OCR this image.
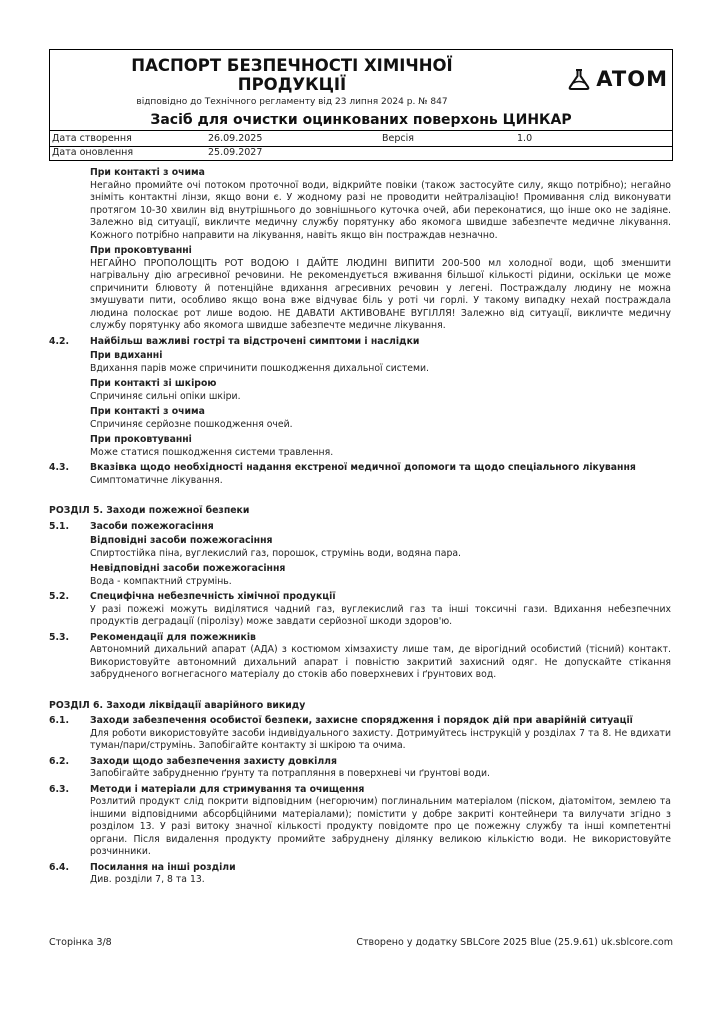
ПАСПОРТ БЕЗПЕЧНОСТІ ХІМІЧНОЇ
ПРОДУКЦІЇ
відповідно до Технічного регламенту від 23 липня 2024 р. № 847
ATOM
Засіб для очистки оцинкованих поверхонь ЦИНКАР
Дата створення	26.09.2025	Версія	1.0
Дата оновлення	25.09.2027
При контакті з очима
Негайно промийте очі потоком проточної води, відкрийте повіки (також застосуйте силу, якщо потрібно); негайно зніміть контактні лінзи, якщо вони є. У жодному разі не проводити нейтралізацію! Промивання слід виконувати протягом 10-30 хвилин від внутрішнього до зовнішнього куточка очей, аби переконатися, що інше око не задіяне. Залежно від ситуації, викличте медичну службу порятунку або якомога швидше забезпечте медичне лікування. Кожного потрібно направити на лікування, навіть якщо він постраждав незначно.
При проковтуванні
НЕГАЙНО ПРОПОЛОЩІТЬ РОТ ВОДОЮ І ДАЙТЕ ЛЮДИНІ ВИПИТИ 200-500 мл холодної води, щоб зменшити нагрівальну дію агресивної речовини. Не рекомендується вживання більшої кількості рідини, оскільки це може спричинити блювоту й потенційне вдихання агресивних речовин у легені. Постраждалу людину не можна змушувати пити, особливо якщо вона вже відчуває біль у роті чи горлі. У такому випадку нехай постраждала людина полоскає рот лише водою. НЕ ДАВАТИ АКТИВОВАНЕ ВУГІЛЛЯ! Залежно від ситуації, викличте медичну службу порятунку або якомога швидше забезпечте медичне лікування.
4.2.	Найбільш важливі гострі та відстрочені симптоми і наслідки
При вдиханні
Вдихання парів може спричинити пошкодження дихальної системи.
При контакті зі шкірою
Спричиняє сильні опіки шкіри.
При контакті з очима
Спричиняє серйозне пошкодження очей.
При проковтуванні
Може статися пошкодження системи травлення.
4.3.	Вказівка щодо необхідності надання екстреної медичної допомоги та щодо спеціального лікування
Симптоматичне лікування.
РОЗДІЛ 5. Заходи пожежної безпеки
5.1.	Засоби пожежогасіння
Відповідні засоби пожежогасіння
Спиртостійка піна, вуглекислий газ, порошок, струмінь води, водяна пара.
Невідповідні засоби пожежогасіння
Вода - компактний струмінь.
5.2.	Специфічна небезпечність хімічної продукції
У разі пожежі можуть виділятися чадний газ, вуглекислий газ та інші токсичні гази. Вдихання небезпечних продуктів деградації (піролізу) може завдати серйозної шкоди здоров'ю.
5.3.	Рекомендації для пожежників
Автономний дихальний апарат (АДА) з костюмом хімзахисту лише там, де вірогідний особистий (тісний) контакт. Використовуйте автономний дихальний апарат і повністю закритий захисний одяг. Не допускайте стікання забрудненого вогнегасного матеріалу до стоків або поверхневих і ґрунтових вод.
РОЗДІЛ 6. Заходи ліквідації аварійного викиду
6.1.	Заходи забезпечення особистої безпеки, захисне спорядження і порядок дій при аварійній ситуації
Для роботи використовуйте засоби індивідуального захисту. Дотримуйтесь інструкцій у розділах 7 та 8. Не вдихати туман/пари/струмінь. Запобігайте контакту зі шкірою та очима.
6.2.	Заходи щодо забезпечення захисту довкілля
Запобігайте забрудненню ґрунту та потрапляння в поверхневі чи ґрунтові води.
6.3.	Методи і матеріали для стримування та очищення
Розлитий продукт слід покрити відповідним (негорючим) поглинальним матеріалом (піском, діатомітом, землею та іншими відповідними абсорбційними матеріалами); помістити у добре закриті контейнери та вилучати згідно з розділом 13. У разі витоку значної кількості продукту повідомте про це пожежну службу та інші компетентні органи. Після видалення продукту промийте забруднену ділянку великою кількістю води. Не використовуйте розчинники.
6.4.	Посилання на інші розділи
Див. розділи 7, 8 та 13.
Сторінка 3/8	Створено у додатку SBLCore 2025 Blue (25.9.61) uk.sblcore.com
